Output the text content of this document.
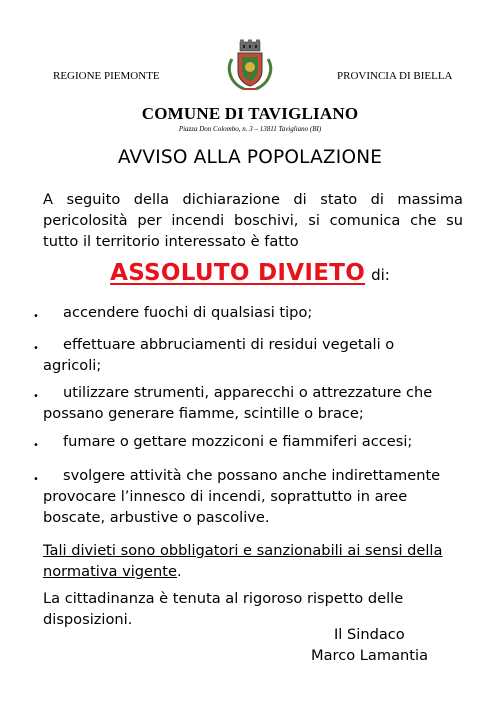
REGIONE PIEMONTE	PROVINCIA DI BIELLA
COMUNE DI TAVIGLIANO
Piazza Don Colombo, n. 3 – 13811 Tavigliano (BI)
AVVISO ALLA POPOLAZIONE
A seguito della dichiarazione di stato di massima
pericolosità per incendi boschivi, si comunica che su
tutto il territorio interessato è fatto
ASSOLUTO DIVIETO di:
•	accendere fuochi di qualsiasi tipo;
•	effettuare abbruciamenti di residui vegetali o agricoli;
•	utilizzare strumenti, apparecchi o attrezzature che possano generare fiamme, scintille o brace;
•	fumare o gettare mozziconi e fiammiferi accesi;
•	svolgere attività che possano anche indirettamente provocare l’innesco di incendi, soprattutto in aree boscate, arbustive o pascolive.
Tali divieti sono obbligatori e sanzionabili ai sensi della normativa vigente.
La cittadinanza è tenuta al rigoroso rispetto delle disposizioni.
Il Sindaco
Marco Lamantia
